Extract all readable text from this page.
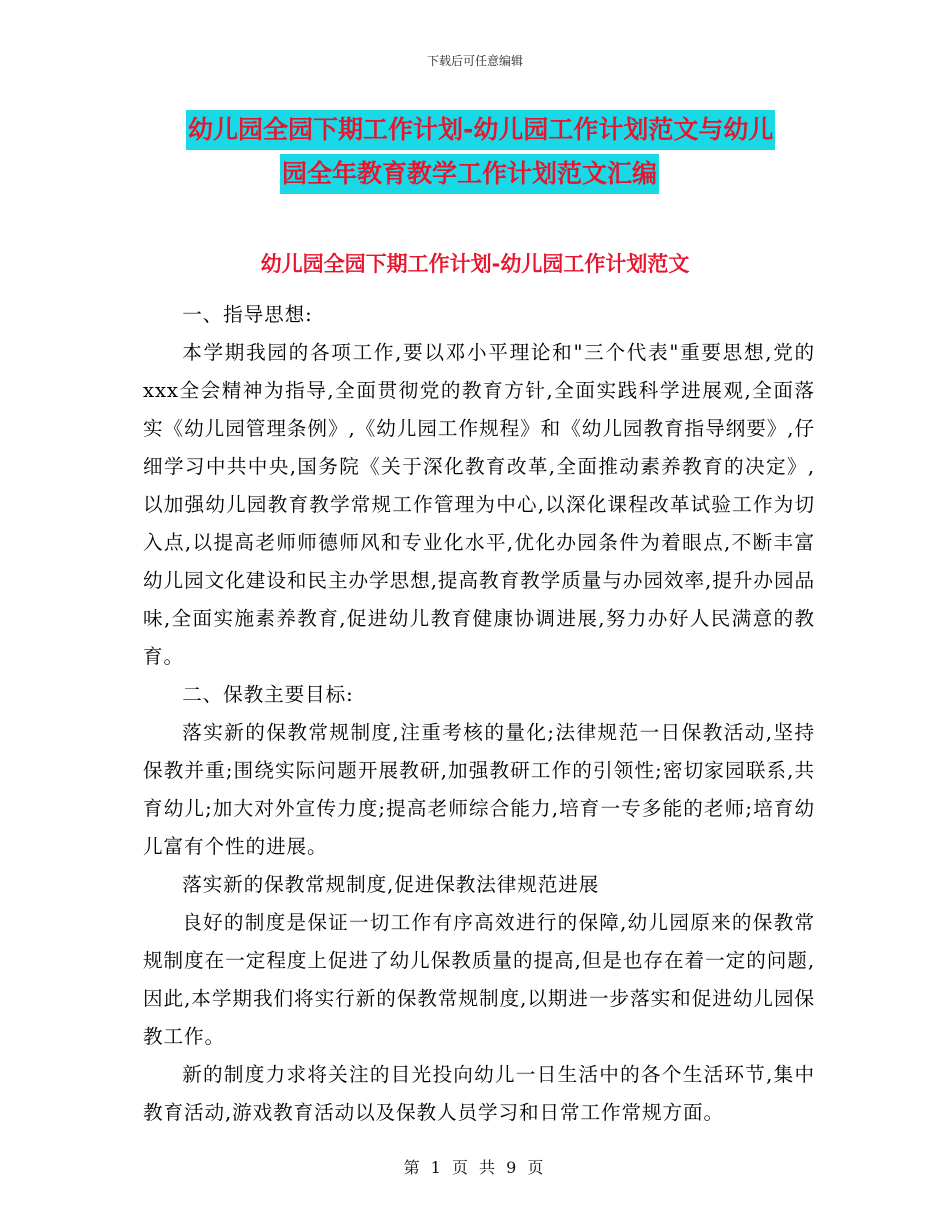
下载后可任意编辑
幼儿园全园下期工作计划-幼儿园工作计划范文与幼儿
园全年教育教学工作计划范文汇编
幼儿园全园下期工作计划-幼儿园工作计划范文

一、指导思想:

本学期我园的各项工作,要以邓小平理论和"三个代表"重要思想,党的xxx全会精神为指导,全面贯彻党的教育方针,全面实践科学进展观,全面落实《幼儿园管理条例》,《幼儿园工作规程》和《幼儿园教育指导纲要》,仔细学习中共中央,国务院《关于深化教育改革,全面推动素养教育的决定》,以加强幼儿园教育教学常规工作管理为中心,以深化课程改革试验工作为切入点,以提高老师师德师风和专业化水平,优化办园条件为着眼点,不断丰富幼儿园文化建设和民主办学思想,提高教育教学质量与办园效率,提升办园品味,全面实施素养教育,促进幼儿教育健康协调进展,努力办好人民满意的教育。

二、保教主要目标:

落实新的保教常规制度,注重考核的量化;法律规范一日保教活动,坚持保教并重;围绕实际问题开展教研,加强教研工作的引领性;密切家园联系,共育幼儿;加大对外宣传力度;提高老师综合能力,培育一专多能的老师;培育幼儿富有个性的进展。

落实新的保教常规制度,促进保教法律规范进展

良好的制度是保证一切工作有序高效进行的保障,幼儿园原来的保教常规制度在一定程度上促进了幼儿保教质量的提高,但是也存在着一定的问题,因此,本学期我们将实行新的保教常规制度,以期进一步落实和促进幼儿园保教工作。

新的制度力求将关注的目光投向幼儿一日生活中的各个生活环节,集中教育活动,游戏教育活动以及保教人员学习和日常工作常规方面。

第 1 页 共 9 页
